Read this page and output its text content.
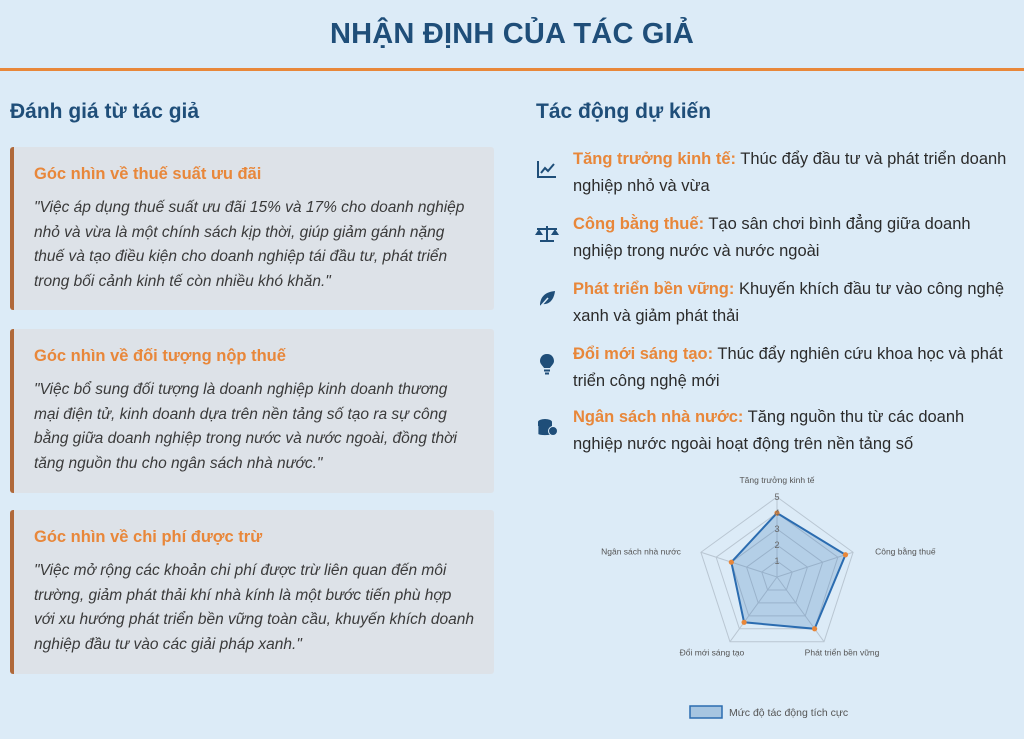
NHẬN ĐỊNH CỦA TÁC GIẢ
Đánh giá từ tác giả	Tác động dự kiến
Góc nhìn về thuế suất ưu đãi

"Việc áp dụng thuế suất ưu đãi 15% và 17% cho doanh nghiệp nhỏ và vừa là một chính sách kịp thời, giúp giảm gánh nặng thuế và tạo điều kiện cho doanh nghiệp tái đầu tư, phát triển trong bối cảnh kinh tế còn nhiều khó khăn."

Góc nhìn về đối tượng nộp thuế

"Việc bổ sung đối tượng là doanh nghiệp kinh doanh thương mại điện tử, kinh doanh dựa trên nền tảng số tạo ra sự công bằng giữa doanh nghiệp trong nước và nước ngoài, đồng thời tăng nguồn thu cho ngân sách nhà nước."

Góc nhìn về chi phí được trừ

"Việc mở rộng các khoản chi phí được trừ liên quan đến môi trường, giảm phát thải khí nhà kính là một bước tiến phù hợp với xu hướng phát triển bền vững toàn cầu, khuyến khích doanh nghiệp đầu tư vào các giải pháp xanh."

Tăng trưởng kinh tế: Thúc đẩy đầu tư và phát triển doanh nghiệp nhỏ và vừa
Công bằng thuế: Tạo sân chơi bình đẳng giữa doanh nghiệp trong nước và nước ngoài
Phát triển bền vững: Khuyến khích đầu tư vào công nghệ xanh và giảm phát thải
Đổi mới sáng tạo: Thúc đẩy nghiên cứu khoa học và phát triển công nghệ mới
Ngân sách nhà nước: Tăng nguồn thu từ các doanh nghiệp nước ngoài hoạt động trên nền tảng số
1
2
3
4
5
Tăng trưởng kinh tế
Công bằng thuế
Phát triển bền vững
Đổi mới sáng tạo
Ngân sách nhà nước
Mức độ tác động tích cực
